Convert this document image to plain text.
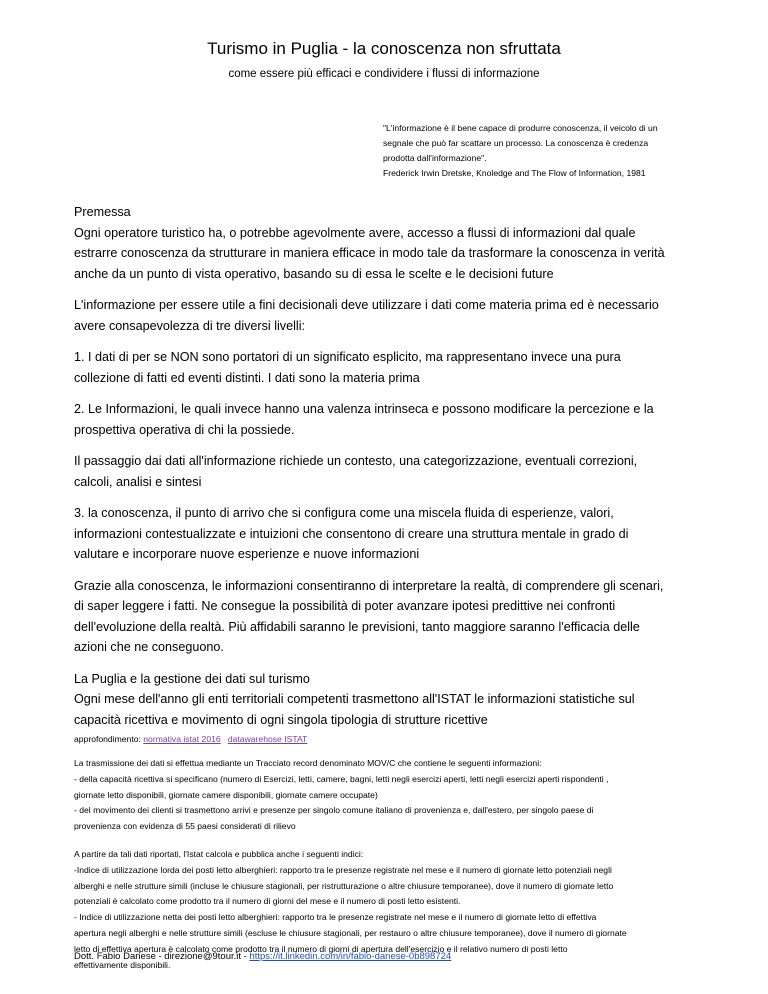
Turismo in Puglia - la conoscenza non sfruttata
come essere più efficaci e condividere i flussi di informazione
"L'informazione è il bene capace di produrre conoscenza, il veicolo di un
segnale che può far scattare un processo. La conoscenza è credenza
prodotta dall'informazione".
Frederick Irwin Dretske, Knoledge and The Flow of Information, 1981

Premessa
Ogni operatore turistico ha, o potrebbe agevolmente avere, accesso a flussi di informazioni dal quale
estrarre conoscenza da strutturare in maniera efficace in modo tale da trasformare la conoscenza in verità
anche da un punto di vista operativo, basando su di essa le scelte e le decisioni future

L'informazione per essere utile a fini decisionali deve utilizzare i dati come materia prima ed è necessario
avere consapevolezza di tre diversi livelli:

1. I dati di per se NON sono portatori di un significato esplicito, ma rappresentano invece una pura
collezione di fatti ed eventi distinti. I dati sono la materia prima

2. Le Informazioni, le quali invece hanno una valenza intrinseca e possono modificare la percezione e la
prospettiva operativa di chi la possiede.

Il passaggio dai dati all'informazione richiede un contesto, una categorizzazione, eventuali correzioni,
calcoli, analisi e sintesi

3. la conoscenza, il punto di arrivo che si configura come una miscela fluida di esperienze, valori,
informazioni contestualizzate e intuizioni che consentono di creare una struttura mentale in grado di
valutare e incorporare nuove esperienze e nuove informazioni

Grazie alla conoscenza, le informazioni consentiranno di interpretare la realtà, di comprendere gli scenari,
di saper leggere i fatti. Ne consegue la possibilità di poter avanzare ipotesi predittive nei confronti
dell'evoluzione della realtà. Più affidabili saranno le previsioni, tanto maggiore saranno l'efficacia delle
azioni che ne conseguono.

La Puglia e la gestione dei dati sul turismo
Ogni mese dell'anno gli enti territoriali competenti trasmettono all'ISTAT le informazioni statistiche sul
capacità ricettiva e movimento di ogni singola tipologia di strutture ricettive

approfondimento: normativa istat 2016 datawarehose ISTAT
La trasmissione dei dati si effettua mediante un Tracciato record denominato MOV/C che contiene le seguenti informazioni:
- della capacità ricettiva si specificano (numero di Esercizi, letti, camere, bagni, letti negli esercizi aperti, letti negli esercizi aperti rispondenti ,
giornate letto disponibili, giornate camere disponibili, giornate camere occupate)
- del movimento dei clienti si trasmettono arrivi e presenze per singolo comune italiano di provenienza e, dall'estero, per singolo paese di
provenienza con evidenza di 55 paesi considerati di rilievo
A partire da tali dati riportati, l'Istat calcola e pubblica anche i seguenti indici:
-Indice di utilizzazione lorda dei posti letto alberghieri: rapporto tra le presenze registrate nel mese e il numero di giornate letto potenziali negli
alberghi e nelle strutture simili (incluse le chiusure stagionali, per ristrutturazione o altre chiusure temporanee), dove il numero di giornate letto
potenziali è calcolato come prodotto tra il numero di giorni del mese e il numero di posti letto esistenti.
- Indice di utilizzazione netta dei posti letto alberghieri: rapporto tra le presenze registrate nel mese e il numero di giornate letto di effettiva
apertura negli alberghi e nelle strutture simili (escluse le chiusure stagionali, per restauro o altre chiusure temporanee), dove il numero di giornate
letto di effettiva apertura è calcolato come prodotto tra il numero di giorni di apertura dell'esercizio e il relativo numero di posti letto
effettivamente disponibili.
Dott. Fabio Danese - direzione@9tour.it - https://it.linkedin.com/in/fabio-danese-0b898724
